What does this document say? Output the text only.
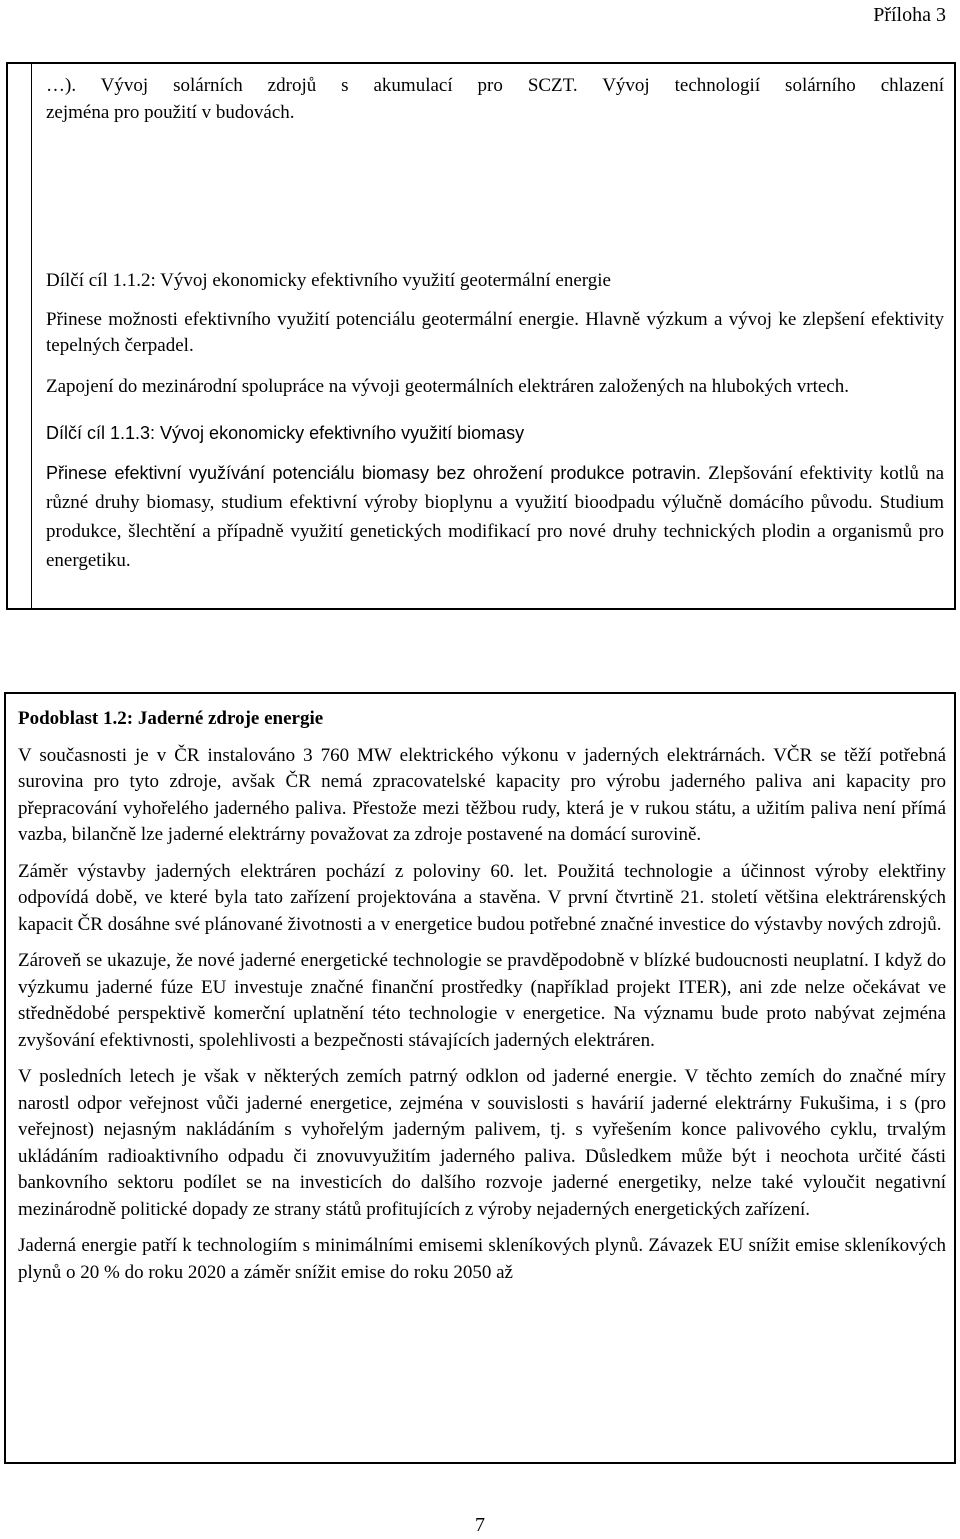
Příloha 3
…). Vývoj solárních zdrojů s akumulací pro SCZT. Vývoj technologií solárního chlazení
zejména pro použití v budovách.
Dílčí cíl 1.1.2: Vývoj ekonomicky efektivního využití geotermální energie

Přinese možnosti efektivního využití potenciálu geotermální energie. Hlavně výzkum a vývoj ke zlepšení efektivity tepelných čerpadel.

Zapojení do mezinárodní spolupráce na vývoji geotermálních elektráren založených na hlubokých vrtech.

Dílčí cíl 1.1.3: Vývoj ekonomicky efektivního využití biomasy

Přinese efektivní využívání potenciálu biomasy bez ohrožení produkce potravin. Zlepšování efektivity kotlů na různé druhy biomasy, studium efektivní výroby bioplynu a využití bioodpadu výlučně domácího původu. Studium produkce, šlechtění a případně využití genetických modifikací pro nové druhy technických plodin a organismů pro energetiku.

Podoblast 1.2: Jaderné zdroje energie

V současnosti je v ČR instalováno 3 760 MW elektrického výkonu v jaderných elektrárnách. VČR se těží potřebná surovina pro tyto zdroje, avšak ČR nemá zpracovatelské kapacity pro výrobu jaderného paliva ani kapacity pro přepracování vyhořelého jaderného paliva. Přestože mezi těžbou rudy, která je v rukou státu, a užitím paliva není přímá vazba, bilančně lze jaderné elektrárny považovat za zdroje postavené na domácí surovině.

Záměr výstavby jaderných elektráren pochází z poloviny 60. let. Použitá technologie a účinnost výroby elektřiny odpovídá době, ve které byla tato zařízení projektována a stavěna. V první čtvrtině 21. století většina elektrárenských kapacit ČR dosáhne své plánované životnosti a v energetice budou potřebné značné investice do výstavby nových zdrojů.

Zároveň se ukazuje, že nové jaderné energetické technologie se pravděpodobně v blízké budoucnosti neuplatní. I když do výzkumu jaderné fúze EU investuje značné finanční prostředky (například projekt ITER), ani zde nelze očekávat ve střednědobé perspektivě komerční uplatnění této technologie v energetice. Na významu bude proto nabývat zejména zvyšování efektivnosti, spolehlivosti a bezpečnosti stávajících jaderných elektráren.

V posledních letech je však v některých zemích patrný odklon od jaderné energie. V těchto zemích do značné míry narostl odpor veřejnost vůči jaderné energetice, zejména v souvislosti s havárií jaderné elektrárny Fukušima, i s (pro veřejnost) nejasným nakládáním s vyhořelým jaderným palivem, tj. s vyřešením konce palivového cyklu, trvalým ukládáním radioaktivního odpadu či znovuvyužitím jaderného paliva. Důsledkem může být i neochota určité části bankovního sektoru podílet se na investicích do dalšího rozvoje jaderné energetiky, nelze také vyloučit negativní mezinárodně politické dopady ze strany států profitujících z výroby nejaderných energetických zařízení.

Jaderná energie patří k technologiím s minimálními emisemi skleníkových plynů. Závazek EU snížit emise skleníkových plynů o 20 % do roku 2020 a záměr snížit emise do roku 2050 až

7
